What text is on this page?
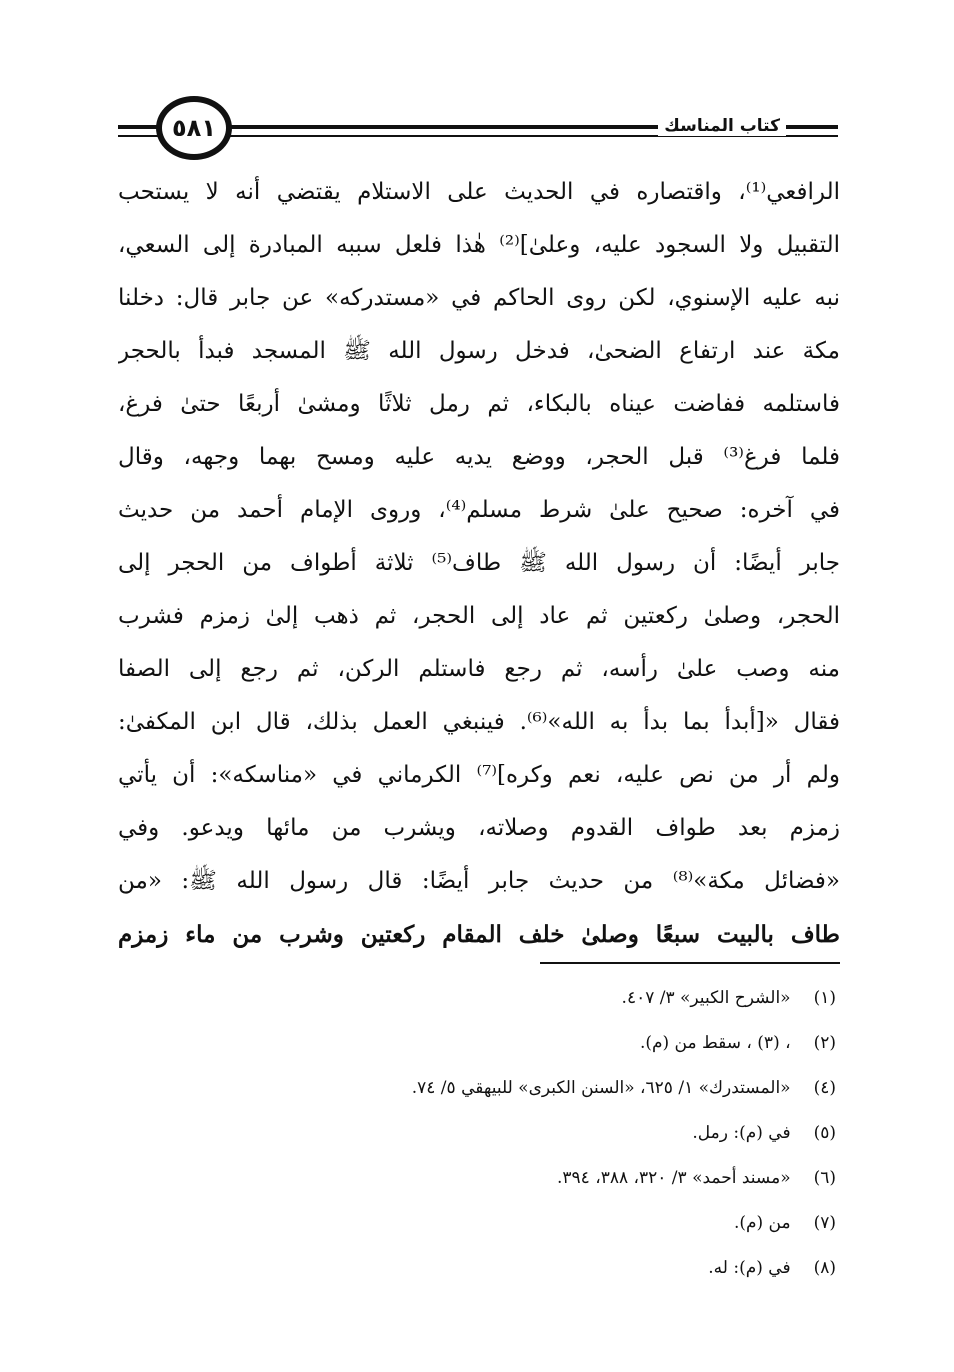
٥٨١	كتاب المناسك
الرافعي⁽¹⁾، واقتصاره في الحديث على الاستلام يقتضي أنه لا يستحب
التقبيل ولا السجود عليه، وعلىٰ]⁽²⁾ هٰذا فلعل سببه المبادرة إلى السعي،
نبه عليه الإسنوي، لكن روى الحاكم في «مستدركه» عن جابر قال: دخلنا
مكة عند ارتفاع الضحىٰ، فدخل رسول الله ﷺ المسجد فبدأ بالحجر
فاستلمه ففاضت عيناه بالبكاء، ثم رمل ثلاثًا ومشىٰ أربعًا حتىٰ فرغ،
فلما فرغ⁽³⁾ قبل الحجر، ووضع يديه عليه ومسح بهما وجهه، وقال
في آخره: صحيح علىٰ شرط مسلم⁽⁴⁾، وروى الإمام أحمد من حديث
جابر أيضًا: أن رسول الله ﷺ طاف⁽⁵⁾ ثلاثة أطواف من الحجر إلى
الحجر، وصلىٰ ركعتين ثم عاد إلى الحجر، ثم ذهب إلىٰ زمزم فشرب
منه وصب علىٰ رأسه، ثم رجع فاستلم الركن، ثم رجع إلى الصفا
فقال «[أبدأ بما بدأ به الله»⁽⁶⁾. فينبغي العمل بذلك، قال ابن المكفىٰ:
ولم أر من نص عليه، نعم وكره]⁽⁷⁾ الكرماني في «مناسكه»: أن يأتي
زمزم بعد طواف القدوم وصلاته، ويشرب من مائها ويدعو. وفي
«فضائل مكة»⁽⁸⁾ من حديث جابر أيضًا: قال رسول الله ﷺ: «من
طاف بالبيت سبعًا وصلىٰ خلف المقام ركعتين وشرب من ماء زمزم
(١) «الشرح الكبير» ٣/ ٤٠٧.
(٢) ، (٣) ، سقط من (م).
(٤) «المستدرك» ١/ ٦٢٥، «السنن الكبرى» للبيهقي ٥/ ٧٤.
(٥) في (م): رمل.
(٦) «مسند أحمد» ٣/ ٣٢٠، ٣٨٨، ٣٩٤.
(٧) من (م).
(٨) في (م): له.
